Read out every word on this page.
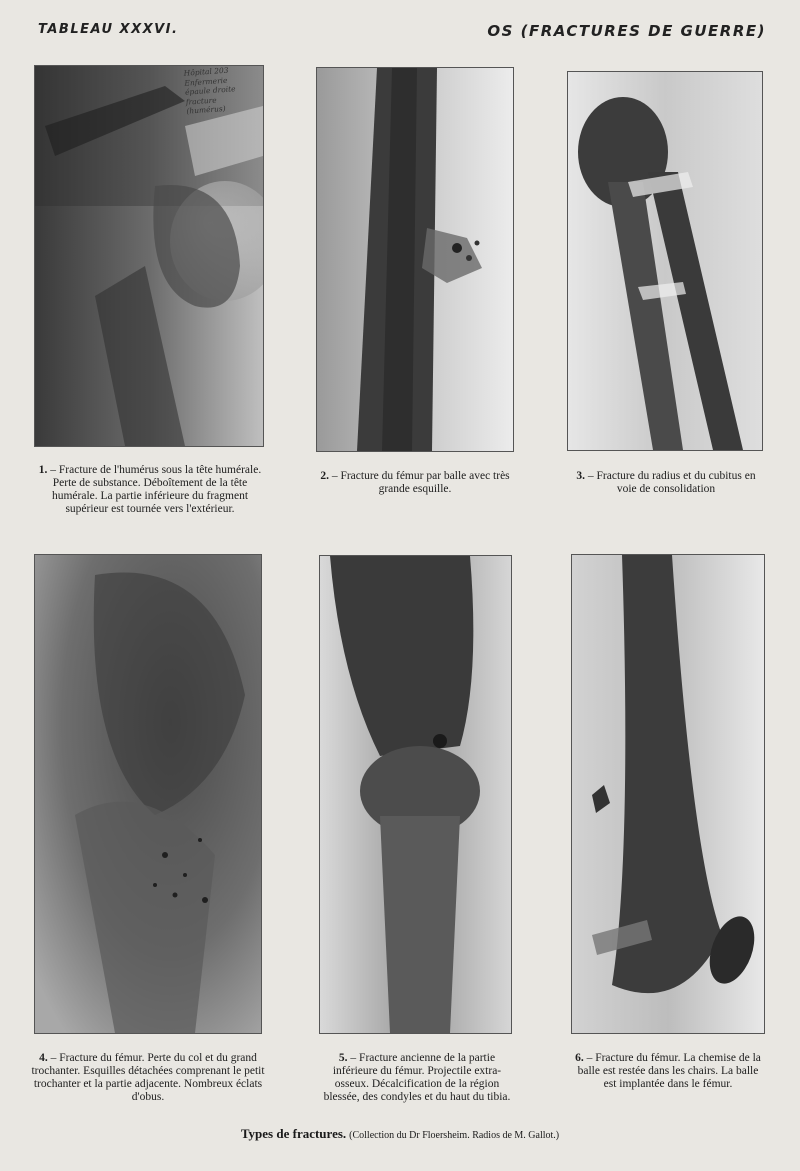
TABLEAU XXXVI.	OS (FRACTURES DE GUERRE)
Hôpital 203
Enfermerie
épaule droite
fracture
(humérus)
1. – Fracture de l'humérus sous la tête humérale. Perte de substance. Déboîtement de la tête humérale. La partie inférieure du fragment supérieur est tournée vers l'extérieur.
2. – Fracture du fémur par balle avec très grande esquille.
3. – Fracture du radius et du cubitus en voie de consolidation
4. – Fracture du fémur. Perte du col et du grand trochanter. Esquilles détachées comprenant le petit trochanter et la partie adjacente. Nombreux éclats d'obus.
5. – Fracture ancienne de la partie inférieure du fémur. Projectile extra-osseux. Décalcification de la région blessée, des condyles et du haut du tibia.
6. – Fracture du fémur. La chemise de la balle est restée dans les chairs. La balle est implantée dans le fémur.
Types de fractures. (Collection du Dr Floersheim. Radios de M. Gallot.)
